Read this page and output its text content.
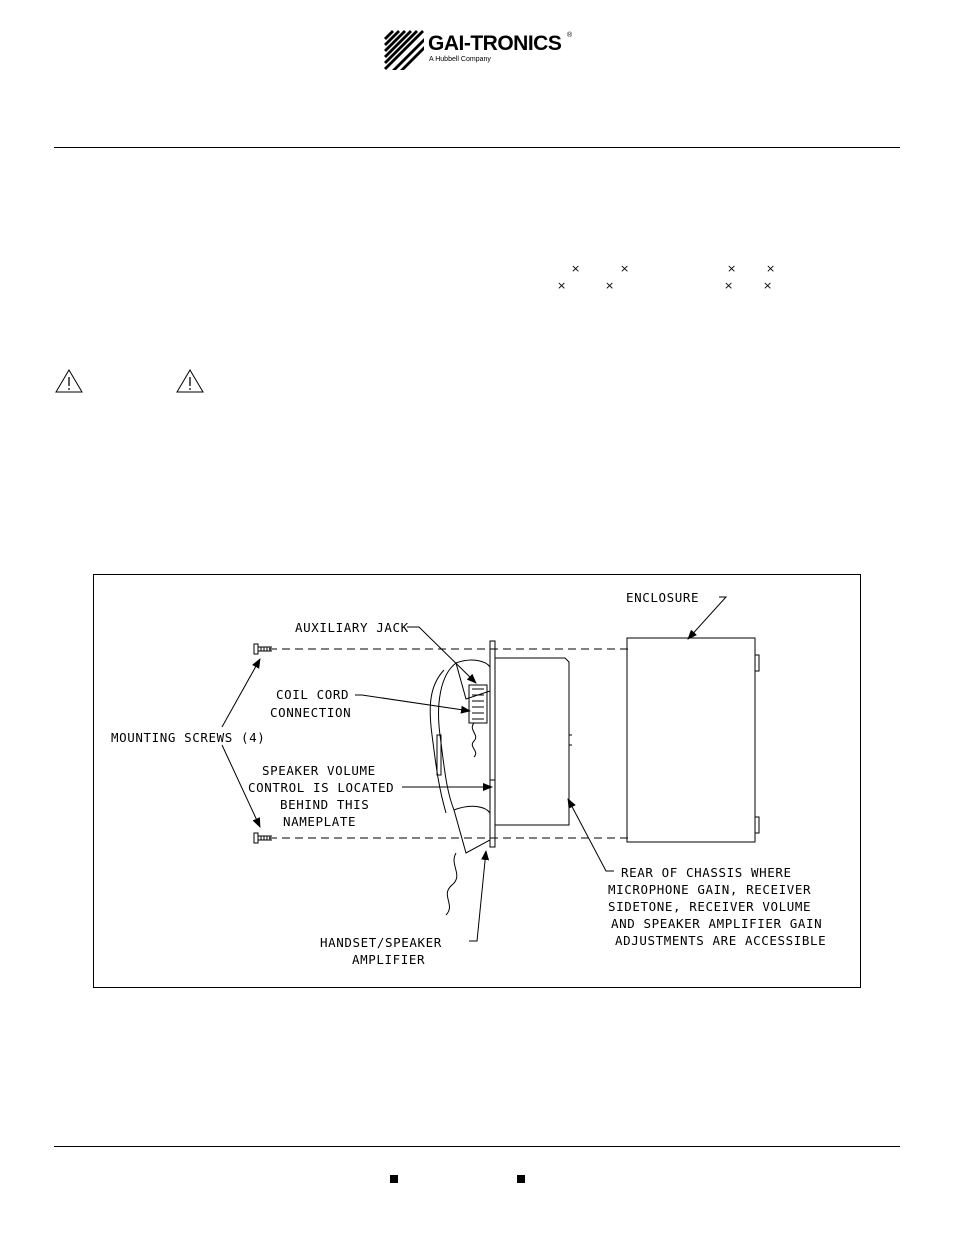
GAI-TRONICS ®
A Hubbell Company
×	×	×	×
×	×	×	×
ENCLOSURE
AUXILIARY JACK
COIL CORD
CONNECTION
MOUNTING SCREWS (4)
SPEAKER VOLUME
CONTROL IS LOCATED
BEHIND THIS
NAMEPLATE
HANDSET/SPEAKER
AMPLIFIER
REAR OF CHASSIS WHERE
MICROPHONE GAIN, RECEIVER
SIDETONE, RECEIVER VOLUME
AND SPEAKER AMPLIFIER GAIN
ADJUSTMENTS ARE ACCESSIBLE
